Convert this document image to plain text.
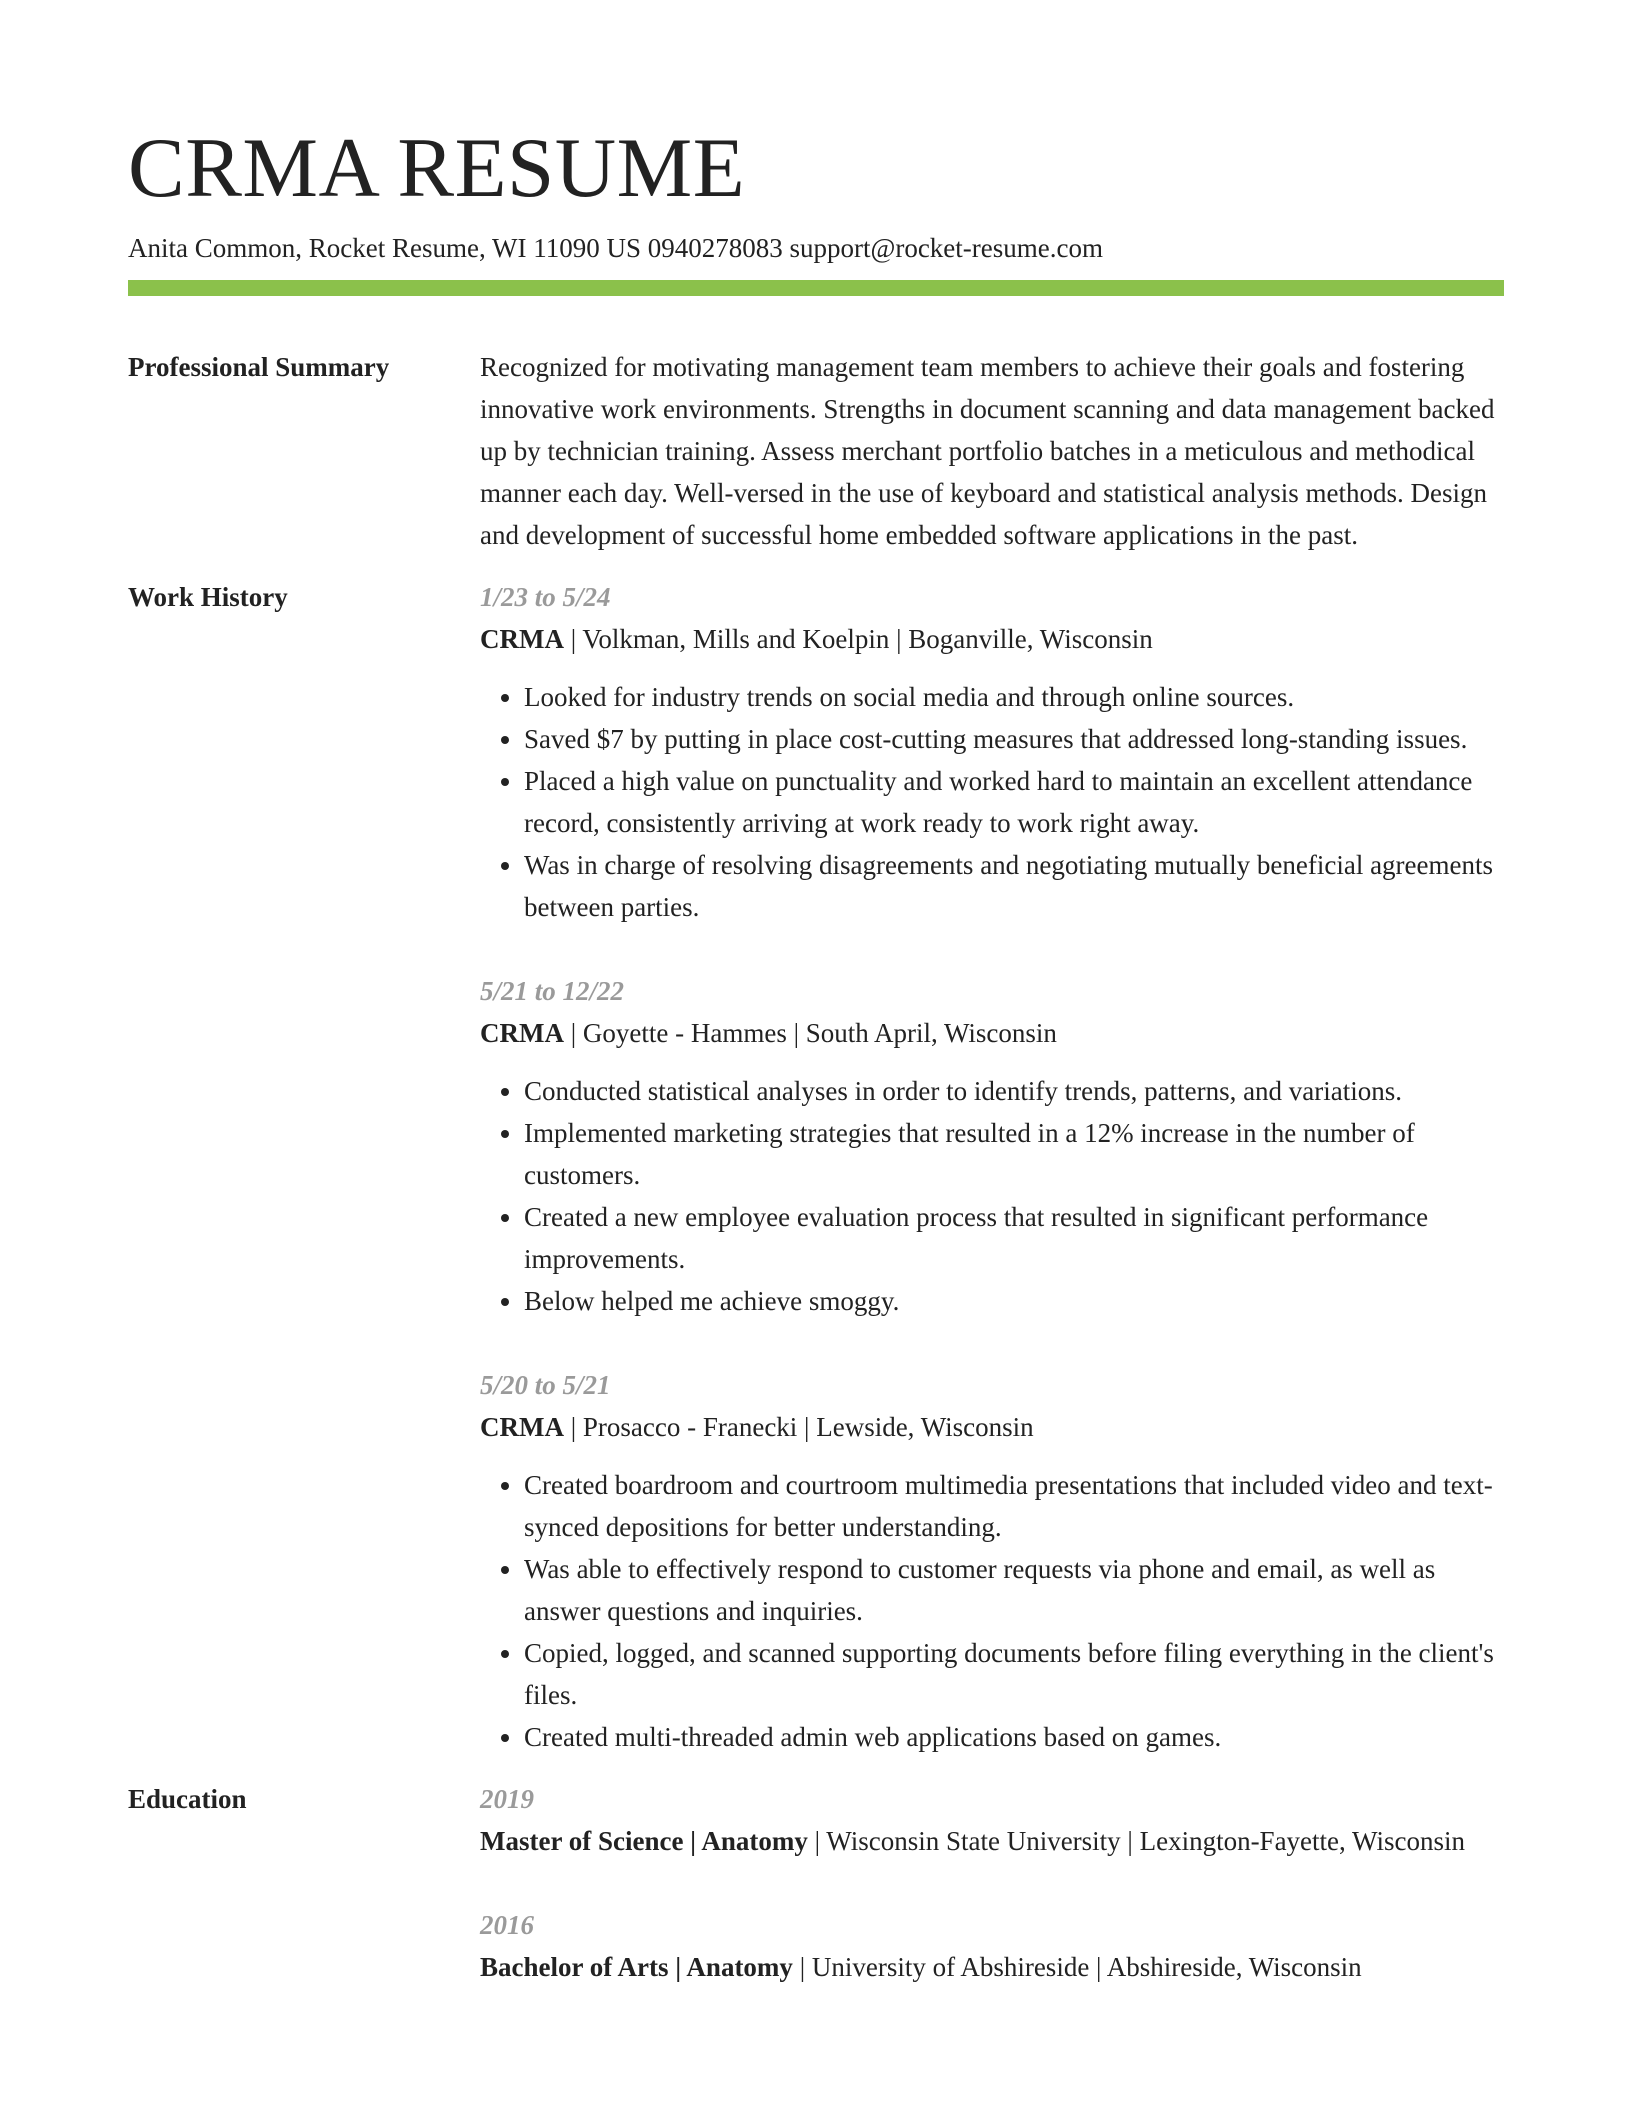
CRMA RESUME
Anita Common, Rocket Resume, WI 11090 US 0940278083 support@rocket-resume.com
Professional Summary	Recognized for motivating management team members to achieve their goals and fostering innovative work environments. Strengths in document scanning and data management backed up by technician training. Assess merchant portfolio batches in a meticulous and methodical manner each day. Well-versed in the use of keyboard and statistical analysis methods. Design and development of successful home embedded software applications in the past.
Work History	1/23 to 5/24
CRMA | Volkman, Mills and Koelpin | Boganville, Wisconsin
• Looked for industry trends on social media and through online sources.
• Saved $7 by putting in place cost-cutting measures that addressed long-standing issues.
• Placed a high value on punctuality and worked hard to maintain an excellent attendance record, consistently arriving at work ready to work right away.
• Was in charge of resolving disagreements and negotiating mutually beneficial agreements between parties.
5/21 to 12/22
CRMA | Goyette - Hammes | South April, Wisconsin
• Conducted statistical analyses in order to identify trends, patterns, and variations.
• Implemented marketing strategies that resulted in a 12% increase in the number of customers.
• Created a new employee evaluation process that resulted in significant performance improvements.
• Below helped me achieve smoggy.
5/20 to 5/21
CRMA | Prosacco - Franecki | Lewside, Wisconsin
• Created boardroom and courtroom multimedia presentations that included video and text-synced depositions for better understanding.
• Was able to effectively respond to customer requests via phone and email, as well as answer questions and inquiries.
• Copied, logged, and scanned supporting documents before filing everything in the client's files.
• Created multi-threaded admin web applications based on games.
Education	2019
Master of Science | Anatomy | Wisconsin State University | Lexington-Fayette, Wisconsin
2016
Bachelor of Arts | Anatomy | University of Abshireside | Abshireside, Wisconsin
